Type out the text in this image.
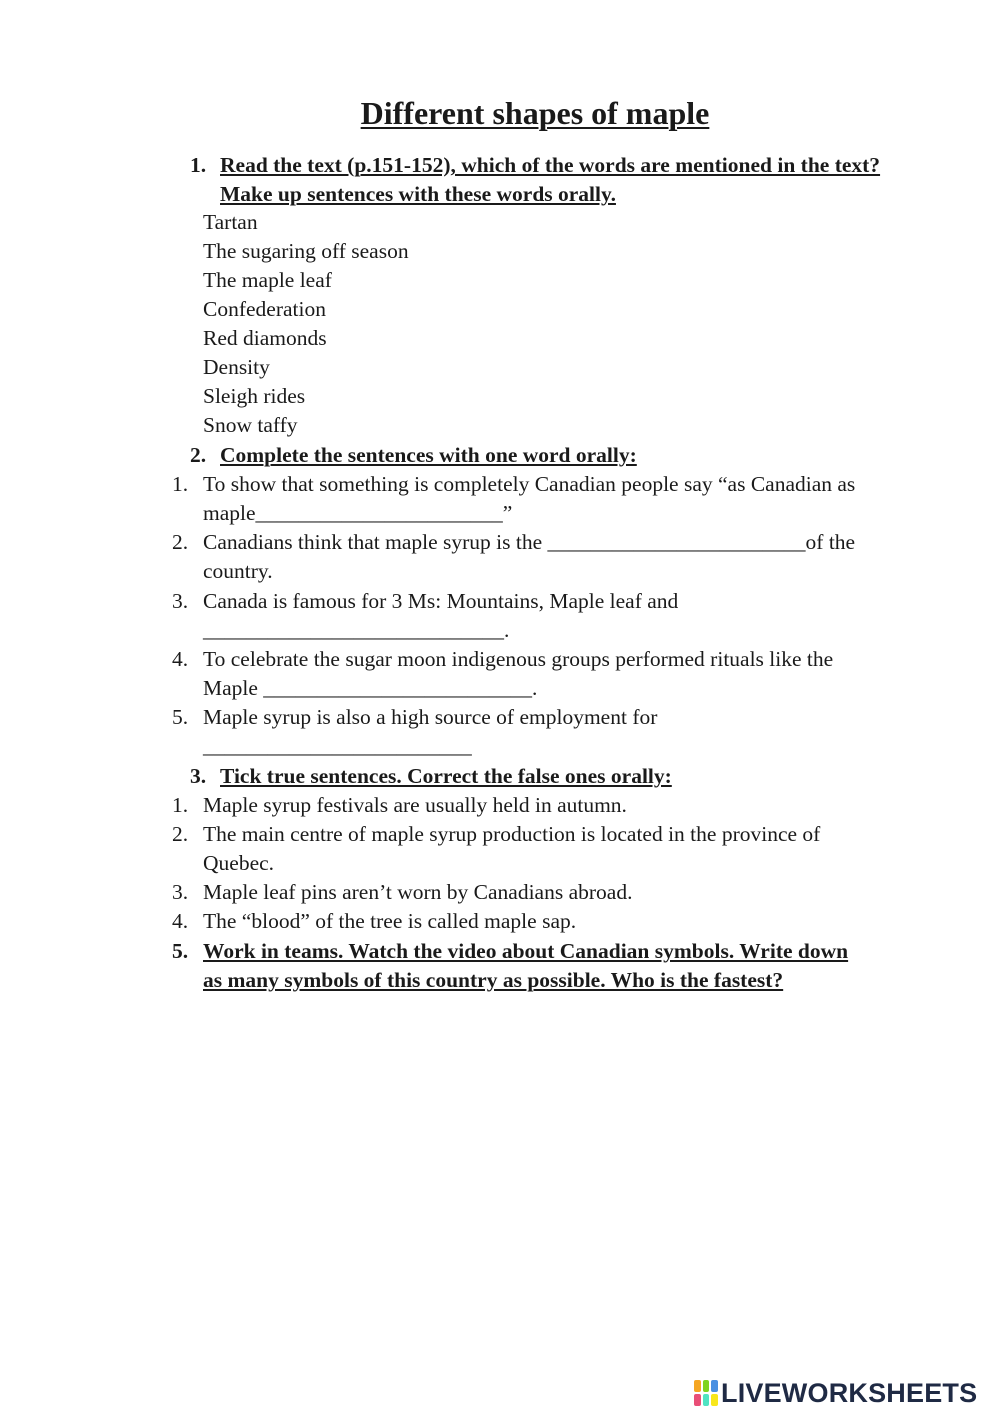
Different shapes of maple
1. Read the text (p.151-152), which of the words are mentioned in the text? Make up sentences with these words orally.
Tartan
The sugaring off season
The maple leaf
Confederation
Red diamonds
Density
Sleigh rides
Snow taffy
2. Complete the sentences with one word orally:
1. To show that something is completely Canadian people say “as Canadian as
maple_______________________”
2. Canadians think that maple syrup is the ________________________of the
country.
3. Canada is famous for 3 Ms: Mountains, Maple leaf and
____________________________.
4. To celebrate the sugar moon indigenous groups performed rituals like the
Maple _________________________.
5. Maple syrup is also a high source of employment for
_________________________
3. Tick true sentences. Correct the false ones orally:
1. Maple syrup festivals are usually held in autumn.
2. The main centre of maple syrup production is located in the province of
Quebec.
3. Maple leaf pins aren’t worn by Canadians abroad.
4. The “blood” of the tree is called maple sap.
5. Work in teams. Watch the video about Canadian symbols. Write down
as many symbols of this country as possible. Who is the fastest?
LIVEWORKSHEETS
